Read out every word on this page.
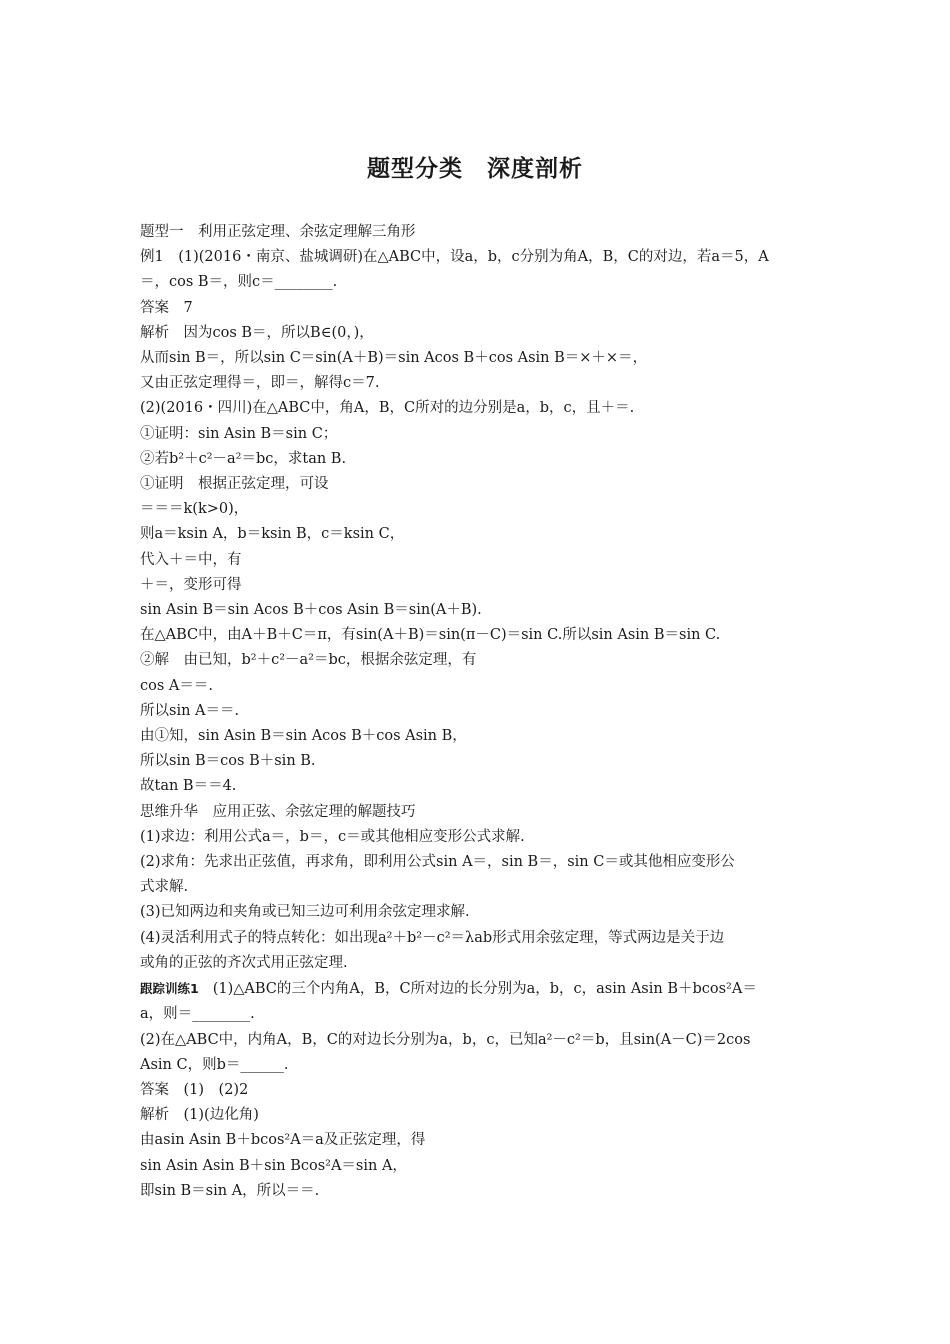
题型分类　深度剖析

题型一　利用正弦定理、余弦定理解三角形

例1　(1)(2016・南京、盐城调研)在△ABC中，设a，b，c分别为角A，B，C的对边，若a＝5，A

＝，cos B＝，则c＝________.

答案　7

解析　因为cos B＝，所以B∈(0，)，

从而sin B＝，所以sin C＝sin(A＋B)＝sin Acos B＋cos Asin B＝×＋×＝，

又由正弦定理得＝，即＝，解得c＝7.

(2)(2016・四川)在△ABC中，角A，B，C所对的边分别是a，b，c，且＋＝.

①证明：sin Asin B＝sin C；

②若b²＋c²－a²＝bc，求tan B.

①证明　根据正弦定理，可设

＝＝＝k(k>0)，

则a＝ksin A，b＝ksin B，c＝ksin C，

代入＋＝中，有

＋＝，变形可得

sin Asin B＝sin Acos B＋cos Asin B＝sin(A＋B).

在△ABC中，由A＋B＋C＝π，有sin(A＋B)＝sin(π－C)＝sin C.所以sin Asin B＝sin C.

②解　由已知，b²＋c²－a²＝bc，根据余弦定理，有

cos A＝＝.

所以sin A＝＝.

由①知，sin Asin B＝sin Acos B＋cos Asin B，

所以sin B＝cos B＋sin B.

故tan B＝＝4.

思维升华　应用正弦、余弦定理的解题技巧

(1)求边：利用公式a＝，b＝，c＝或其他相应变形公式求解.

(2)求角：先求出正弦值，再求角，即利用公式sin A＝，sin B＝，sin C＝或其他相应变形公

式求解.

(3)已知两边和夹角或已知三边可利用余弦定理求解.

(4)灵活利用式子的特点转化：如出现a²＋b²－c²＝λab形式用余弦定理，等式两边是关于边

或角的正弦的齐次式用正弦定理.

跟踪训练1 (1)△ABC的三个内角A，B，C所对边的长分别为a，b，c，asin Asin B＋bcos²A＝

a，则＝________.

(2)在△ABC中，内角A，B，C的对边长分别为a，b，c，已知a²－c²＝b，且sin(A－C)＝2cos

Asin C，则b＝______.

答案　(1)　(2)2

解析　(1)(边化角)

由asin Asin B＋bcos²A＝a及正弦定理，得

sin Asin Asin B＋sin Bcos²A＝sin A，

即sin B＝sin A，所以＝＝.
